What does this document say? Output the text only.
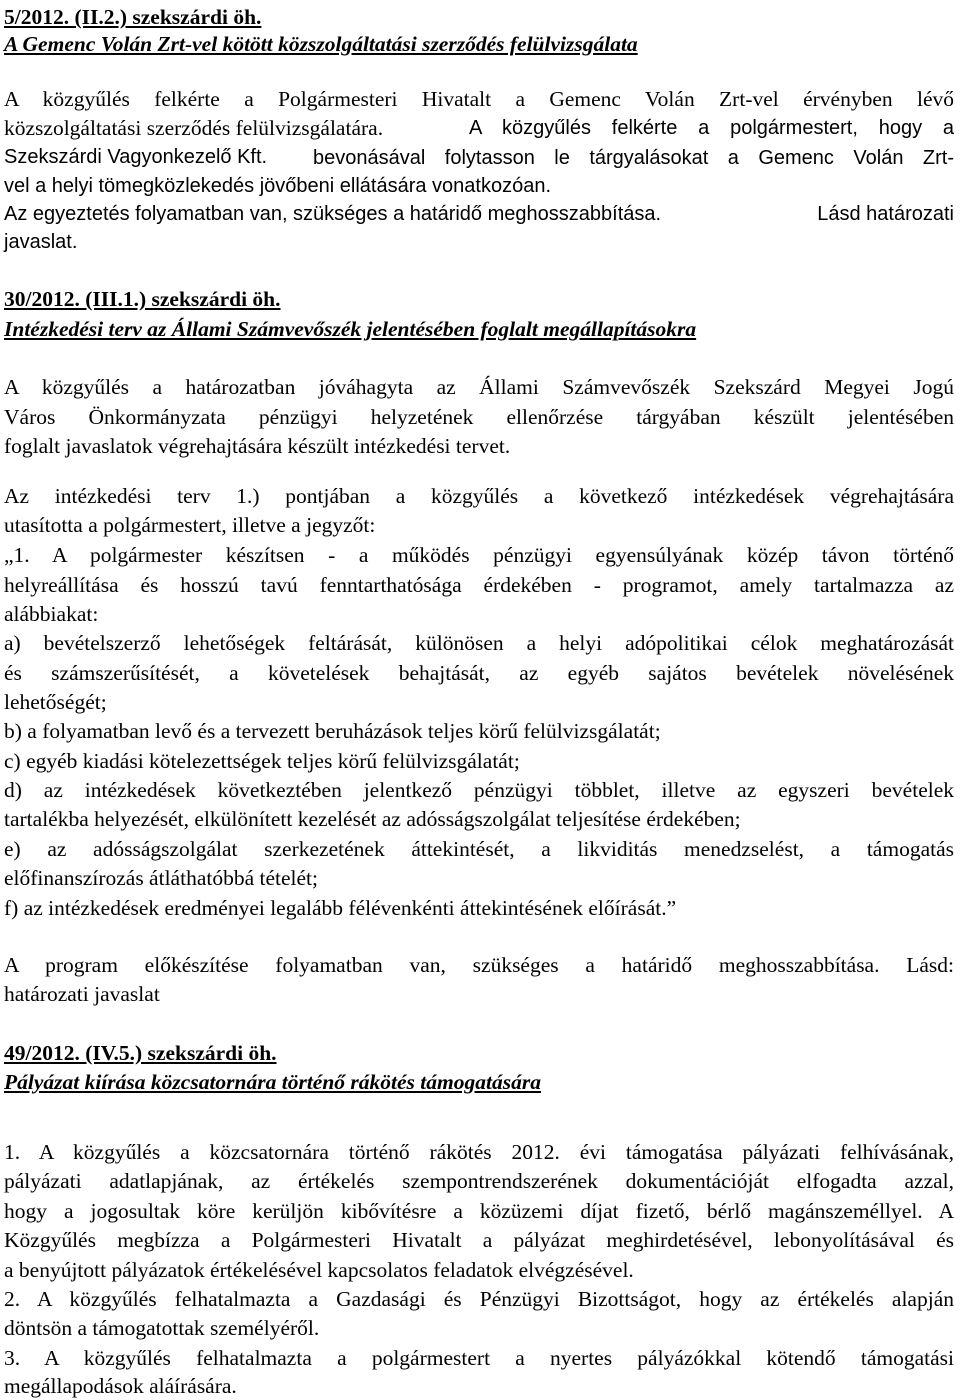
5/2012. (II.2.) szekszárdi öh.
A Gemenc Volán Zrt-vel kötött közszolgáltatási szerződés felülvizsgálata
A közgyűlés felkérte a Polgármesteri Hivatalt a Gemenc Volán Zrt-vel érvényben lévő
közszolgáltatási szerződés felülvizsgálatára.	A közgyűlés felkérte a polgármestert, hogy a
Szekszárdi Vagyonkezelő Kft.	bevonásával folytasson le tárgyalásokat a Gemenc Volán Zrt-
vel a helyi tömegközlekedés jövőbeni ellátására vonatkozóan.
Az egyeztetés folyamatban van, szükséges a határidő meghosszabbítása.	Lásd határozati
javaslat.
30/2012. (III.1.) szekszárdi öh.
Intézkedési terv az Állami Számvevőszék jelentésében foglalt megállapításokra
A közgyűlés a határozatban jóváhagyta az Állami Számvevőszék Szekszárd Megyei Jogú
Város Önkormányzata pénzügyi helyzetének ellenőrzése tárgyában készült jelentésében
foglalt javaslatok végrehajtására készült intézkedési tervet.
Az intézkedési terv 1.) pontjában a közgyűlés a következő intézkedések végrehajtására
utasította a polgármestert, illetve a jegyzőt:
„1. A polgármester készítsen - a működés pénzügyi egyensúlyának közép távon történő
helyreállítása és hosszú tavú fenntarthatósága érdekében - programot, amely tartalmazza az
alábbiakat:
a) bevételszerző lehetőségek feltárását, különösen a helyi adópolitikai célok meghatározását
és számszerűsítését, a követelések behajtását, az egyéb sajátos bevételek növelésének
lehetőségét;
b) a folyamatban levő és a tervezett beruházások teljes körű felülvizsgálatát;
c) egyéb kiadási kötelezettségek teljes körű felülvizsgálatát;
d) az intézkedések következtében jelentkező pénzügyi többlet, illetve az egyszeri bevételek
tartalékba helyezését, elkülönített kezelését az adósságszolgálat teljesítése érdekében;
e) az adósságszolgálat szerkezetének áttekintését, a likviditás menedzselést, a támogatás
előfinanszírozás átláthatóbbá tételét;
f) az intézkedések eredményei legalább félévenkénti áttekintésének előírását.”
A program előkészítése folyamatban van, szükséges a határidő meghosszabbítása. Lásd:
határozati javaslat
49/2012. (IV.5.) szekszárdi öh.
Pályázat kiírása közcsatornára történő rákötés támogatására
1. A közgyűlés a közcsatornára történő rákötés 2012. évi támogatása pályázati felhívásának,
pályázati adatlapjának, az értékelés szempontrendszerének dokumentációját elfogadta azzal,
hogy a jogosultak köre kerüljön kibővítésre a közüzemi díjat fizető, bérlő magánszeméllyel. A
Közgyűlés megbízza a Polgármesteri Hivatalt a pályázat meghirdetésével, lebonyolításával és
a benyújtott pályázatok értékelésével kapcsolatos feladatok elvégzésével.
2. A közgyűlés felhatalmazta a Gazdasági és Pénzügyi Bizottságot, hogy az értékelés alapján
döntsön a támogatottak személyéről.
3. A közgyűlés felhatalmazta a polgármestert a nyertes pályázókkal kötendő támogatási
megállapodások aláírására.
